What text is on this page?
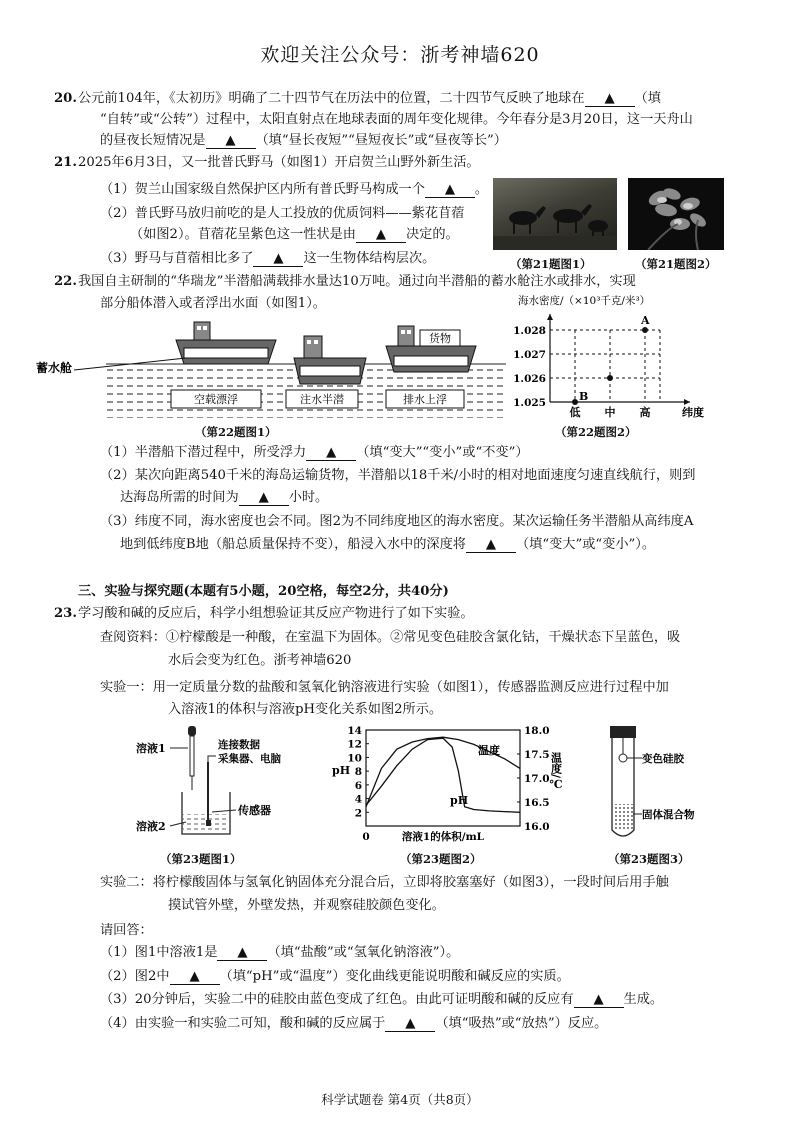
欢迎关注公众号：浙考神墙620
20.公元前104年，《太初历》明确了二十四节气在历法中的位置，二十四节气反映了地球在 ▲ （填
“自转”或“公转”）过程中，太阳直射点在地球表面的周年变化规律。今年春分是3月20日，这一天舟山
的昼夜长短情况是 ▲ （填“昼长夜短”“昼短夜长”或“昼夜等长”）
21.2025年6月3日，又一批普氏野马（如图1）开启贺兰山野外新生活。
（1）贺兰山国家级自然保护区内所有普氏野马构成一个 ▲ 。
（2）普氏野马放归前吃的是人工投放的优质饲料——紫花苜蓿
（如图2）。苜蓿花呈紫色这一性状是由 ▲ 决定的。
（3）野马与苜蓿相比多了 ▲ 这一生物体结构层次。
22.我国自主研制的“华瑞龙”半潜船满载排水量达10万吨。通过向半潜船的蓄水舱注水或排水，实现
部分船体潜入或者浮出水面（如图1）。
（1）半潜船下潜过程中，所受浮力 ▲ （填“变大”“变小”或“不变”）
（2）某次向距离540千米的海岛运输货物，半潜船以18千米/小时的相对地面速度匀速直线航行，则到
达海岛所需的时间为 ▲ 小时。
（3）纬度不同，海水密度也会不同。图2为不同纬度地区的海水密度。某次运输任务半潜船从高纬度A
地到低纬度B地（船总质量保持不变），船浸入水中的深度将 ▲ （填“变大”或“变小”）。
三、实验与探究题(本题有5小题，20空格，每空2分，共40分)
23.学习酸和碱的反应后，科学小组想验证其反应产物进行了如下实验。
查阅资料：①柠檬酸是一种酸，在室温下为固体。②常见变色硅胶含氯化钴，干燥状态下呈蓝色，吸
水后会变为红色。浙考神墙620
实验一：用一定质量分数的盐酸和氢氧化钠溶液进行实验（如图1），传感器监测反应进行过程中加
入溶液1的体积与溶液pH变化关系如图2所示。
实验二：将柠檬酸固体与氢氧化钠固体充分混合后，立即将胶塞塞好（如图3），一段时间后用手触
摸试管外壁，外壁发热，并观察硅胶颜色变化。
请回答：
（1）图1中溶液1是 ▲ （填“盐酸”或“氢氧化钠溶液”）。
（2）图2中 ▲ （填“pH”或“温度”）变化曲线更能说明酸和碱反应的实质。
（3）20分钟后，实验二中的硅胶由蓝色变成了红色。由此可证明酸和碱的反应有 ▲ 生成。
（4）由实验一和实验二可知，酸和碱的反应属于 ▲ （填“吸热”或“放热”）反应。
（第21题图1）	（第21题图2）
货物
蓄水舱
空载漂浮	注水半潜	排水上浮
（第22题图1）
海水密度/（×10³千克/米³）
1.028
1.027
1.026
1.025
低 中 高	纬度
A
B
（第22题图2）
溶液1
溶液2
连接数据
采集器、电脑
传感器
（第23题图1）
2
4
6
8
10
12
14
16.0
16.5
17.0
17.5
18.0
0
pH
溶液1的体积/mL
温度/℃
温度
pH
（第23题图2）
变色硅胶
固体混合物
（第23题图3）
科学试题卷 第4页（共8页）
